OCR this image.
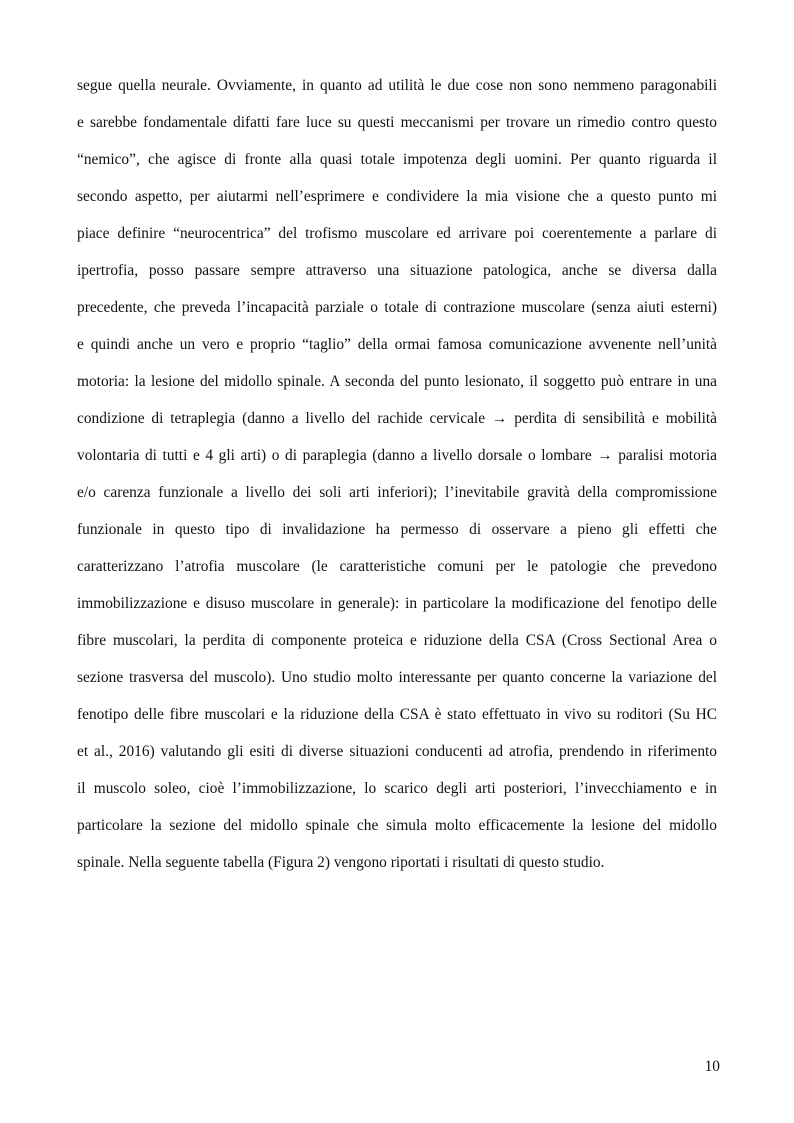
segue quella neurale. Ovviamente, in quanto ad utilità le due cose non sono nemmeno paragonabili
e sarebbe fondamentale difatti fare luce su questi meccanismi per trovare un rimedio contro questo
“nemico”, che agisce di fronte alla quasi totale impotenza degli uomini. Per quanto riguarda il
secondo aspetto, per aiutarmi nell’esprimere e condividere la mia visione che a questo punto mi
piace definire “neurocentrica” del trofismo muscolare ed arrivare poi coerentemente a parlare di
ipertrofia, posso passare sempre attraverso una situazione patologica, anche se diversa dalla
precedente, che preveda l’incapacità parziale o totale di contrazione muscolare (senza aiuti esterni)
e quindi anche un vero e proprio “taglio” della ormai famosa comunicazione avvenente nell’unità
motoria: la lesione del midollo spinale. A seconda del punto lesionato, il soggetto può entrare in una
condizione di tetraplegia (danno a livello del rachide cervicale → perdita di sensibilità e mobilità
volontaria di tutti e 4 gli arti) o di paraplegia (danno a livello dorsale o lombare → paralisi motoria
e/o carenza funzionale a livello dei soli arti inferiori); l’inevitabile gravità della compromissione
funzionale in questo tipo di invalidazione ha permesso di osservare a pieno gli effetti che
caratterizzano l’atrofia muscolare (le caratteristiche comuni per le patologie che prevedono
immobilizzazione e disuso muscolare in generale): in particolare la modificazione del fenotipo delle
fibre muscolari, la perdita di componente proteica e riduzione della CSA (Cross Sectional Area o
sezione trasversa del muscolo). Uno studio molto interessante per quanto concerne la variazione del
fenotipo delle fibre muscolari e la riduzione della CSA è stato effettuato in vivo su roditori (Su HC
et al., 2016) valutando gli esiti di diverse situazioni conducenti ad atrofia, prendendo in riferimento
il muscolo soleo, cioè l’immobilizzazione, lo scarico degli arti posteriori, l’invecchiamento e in
particolare la sezione del midollo spinale che simula molto efficacemente la lesione del midollo
spinale. Nella seguente tabella (Figura 2) vengono riportati i risultati di questo studio.
10
